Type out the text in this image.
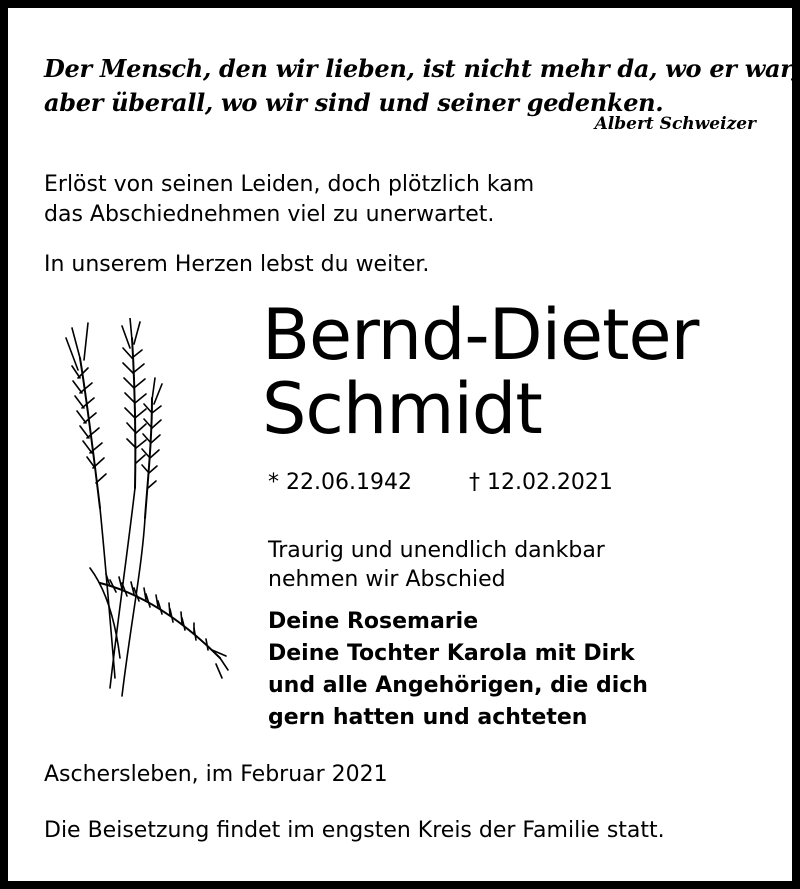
Der Mensch, den wir lieben, ist nicht mehr da, wo er war,
aber überall, wo wir sind und seiner gedenken.
Albert Schweizer
Erlöst von seinen Leiden, doch plötzlich kam
das Abschiednehmen viel zu unerwartet.
In unserem Herzen lebst du weiter.
Bernd-Dieter
Schmidt
* 22.06.1942	† 12.02.2021
Traurig und unendlich dankbar
nehmen wir Abschied
Deine Rosemarie
Deine Tochter Karola mit Dirk
und alle Angehörigen, die dich
gern hatten und achteten
Aschersleben, im Februar 2021
Die Beisetzung findet im engsten Kreis der Familie statt.
